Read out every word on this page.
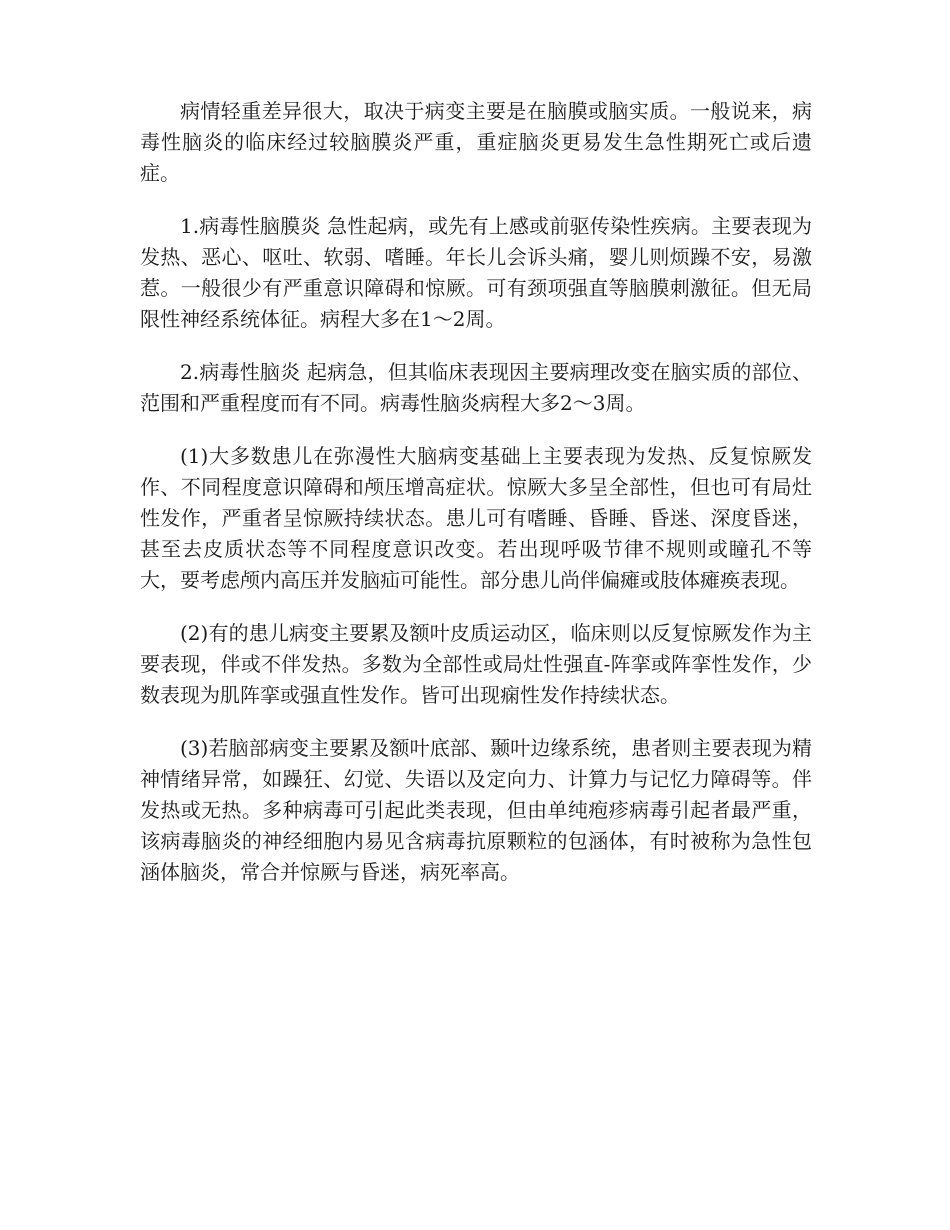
病情轻重差异很大，取决于病变主要是在脑膜或脑实质。一般说来，病毒性脑炎的临床经过较脑膜炎严重，重症脑炎更易发生急性期死亡或后遗症。

1.病毒性脑膜炎 急性起病，或先有上感或前驱传染性疾病。主要表现为发热、恶心、呕吐、软弱、嗜睡。年长儿会诉头痛，婴儿则烦躁不安，易激惹。一般很少有严重意识障碍和惊厥。可有颈项强直等脑膜刺激征。但无局限性神经系统体征。病程大多在1～2周。

2.病毒性脑炎 起病急，但其临床表现因主要病理改变在脑实质的部位、范围和严重程度而有不同。病毒性脑炎病程大多2～3周。

(1)大多数患儿在弥漫性大脑病变基础上主要表现为发热、反复惊厥发作、不同程度意识障碍和颅压增高症状。惊厥大多呈全部性，但也可有局灶性发作，严重者呈惊厥持续状态。患儿可有嗜睡、昏睡、昏迷、深度昏迷，甚至去皮质状态等不同程度意识改变。若出现呼吸节律不规则或瞳孔不等大，要考虑颅内高压并发脑疝可能性。部分患儿尚伴偏瘫或肢体瘫痪表现。

(2)有的患儿病变主要累及额叶皮质运动区，临床则以反复惊厥发作为主要表现，伴或不伴发热。多数为全部性或局灶性强直-阵挛或阵挛性发作，少数表现为肌阵挛或强直性发作。皆可出现痫性发作持续状态。

(3)若脑部病变主要累及额叶底部、颞叶边缘系统，患者则主要表现为精神情绪异常，如躁狂、幻觉、失语以及定向力、计算力与记忆力障碍等。伴发热或无热。多种病毒可引起此类表现，但由单纯疱疹病毒引起者最严重，该病毒脑炎的神经细胞内易见含病毒抗原颗粒的包涵体，有时被称为急性包涵体脑炎，常合并惊厥与昏迷，病死率高。
